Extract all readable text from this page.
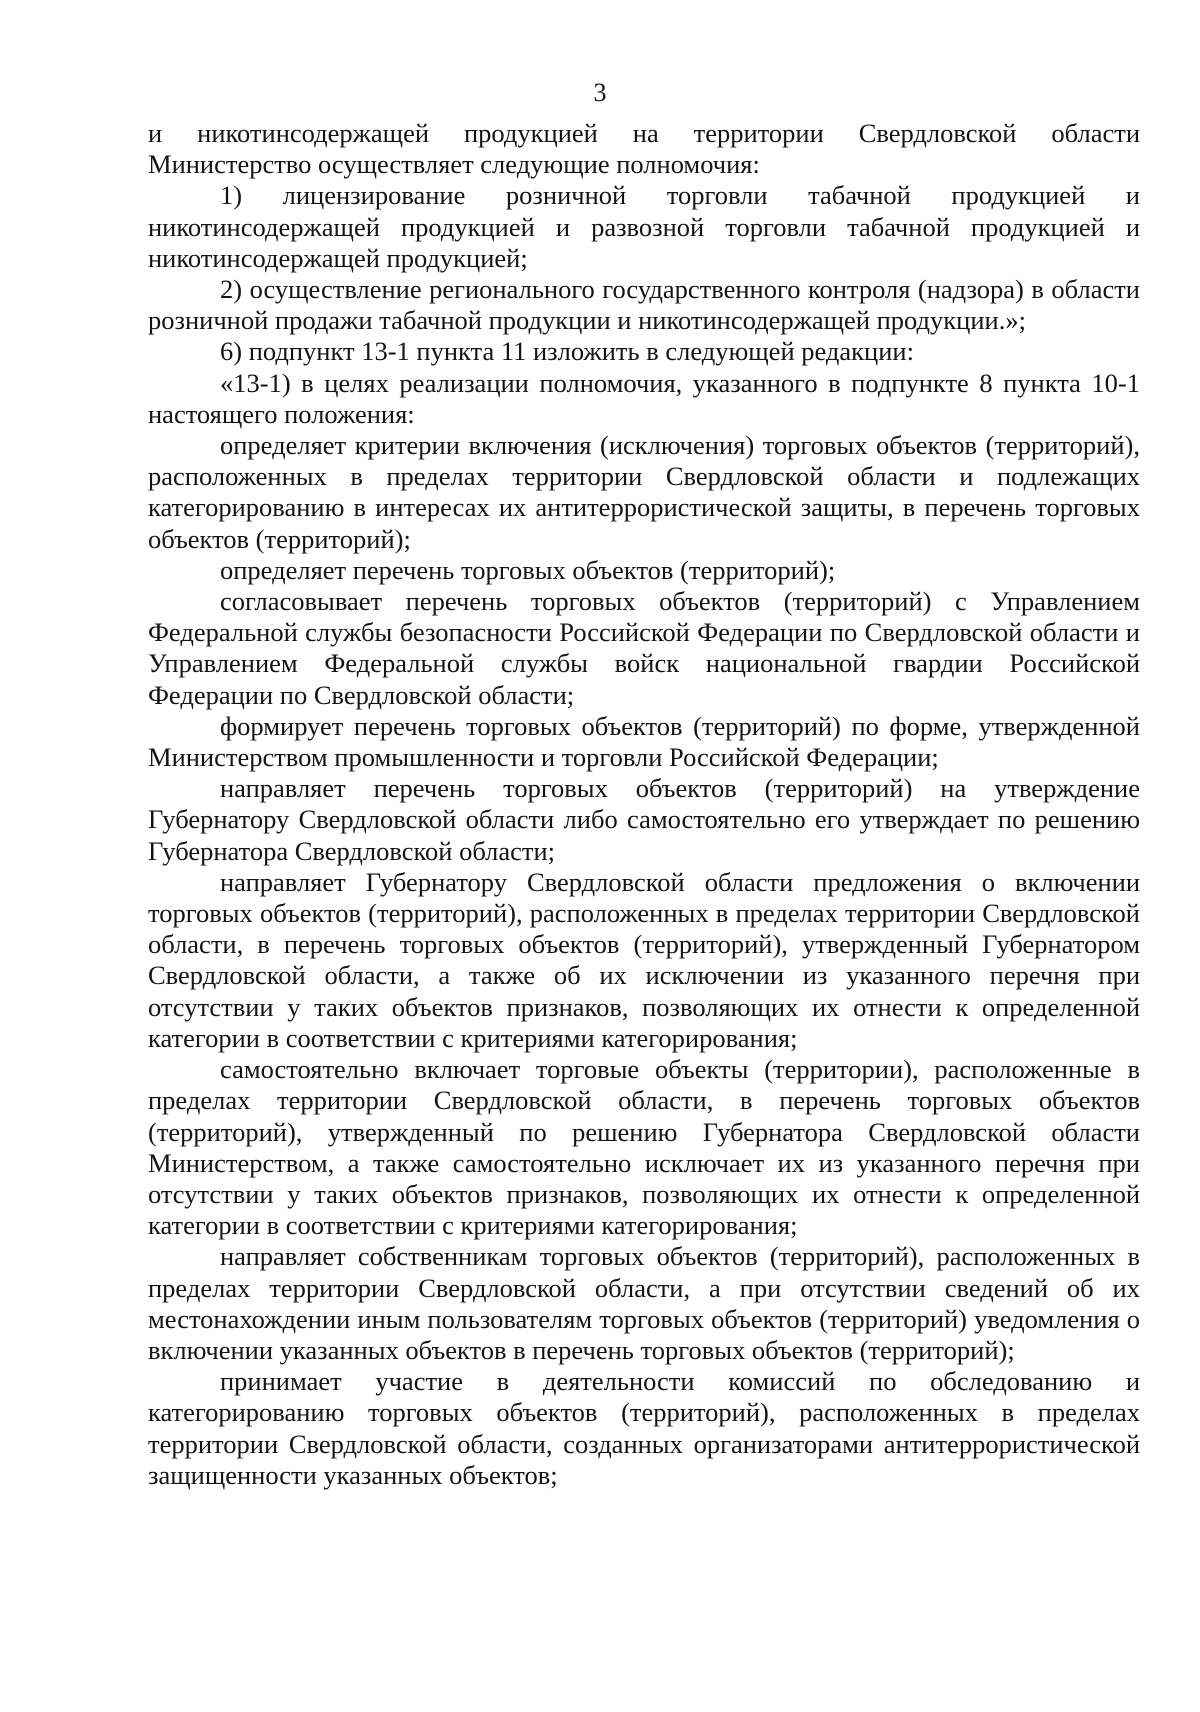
3

и никотинсодержащей продукцией на территории Свердловской области Министерство осуществляет следующие полномочия:

1) лицензирование розничной торговли табачной продукцией и никотинсодержащей продукцией и развозной торговли табачной продукцией и никотинсодержащей продукцией;

2) осуществление регионального государственного контроля (надзора) в области розничной продажи табачной продукции и никотинсодержащей продукции.»;

6) подпункт 13-1 пункта 11 изложить в следующей редакции:

«13-1) в целях реализации полномочия, указанного в подпункте 8 пункта 10-1 настоящего положения:

определяет критерии включения (исключения) торговых объектов (территорий), расположенных в пределах территории Свердловской области и подлежащих категорированию в интересах их антитеррористической защиты, в перечень торговых объектов (территорий);

определяет перечень торговых объектов (территорий);

согласовывает перечень торговых объектов (территорий) с Управлением Федеральной службы безопасности Российской Федерации по Свердловской области и Управлением Федеральной службы войск национальной гвардии Российской Федерации по Свердловской области;

формирует перечень торговых объектов (территорий) по форме, утвержденной Министерством промышленности и торговли Российской Федерации;

направляет перечень торговых объектов (территорий) на утверждение Губернатору Свердловской области либо самостоятельно его утверждает по решению Губернатора Свердловской области;

направляет Губернатору Свердловской области предложения о включении торговых объектов (территорий), расположенных в пределах территории Свердловской области, в перечень торговых объектов (территорий), утвержденный Губернатором Свердловской области, а также об их исключении из указанного перечня при отсутствии у таких объектов признаков, позволяющих их отнести к определенной категории в соответствии с критериями категорирования;

самостоятельно включает торговые объекты (территории), расположенные в пределах территории Свердловской области, в перечень торговых объектов (территорий), утвержденный по решению Губернатора Свердловской области Министерством, а также самостоятельно исключает их из указанного перечня при отсутствии у таких объектов признаков, позволяющих их отнести к определенной категории в соответствии с критериями категорирования;

направляет собственникам торговых объектов (территорий), расположенных в пределах территории Свердловской области, а при отсутствии сведений об их местонахождении иным пользователям торговых объектов (территорий) уведомления о включении указанных объектов в перечень торговых объектов (территорий);

принимает участие в деятельности комиссий по обследованию и категорированию торговых объектов (территорий), расположенных в пределах территории Свердловской области, созданных организаторами антитеррористической защищенности указанных объектов;
